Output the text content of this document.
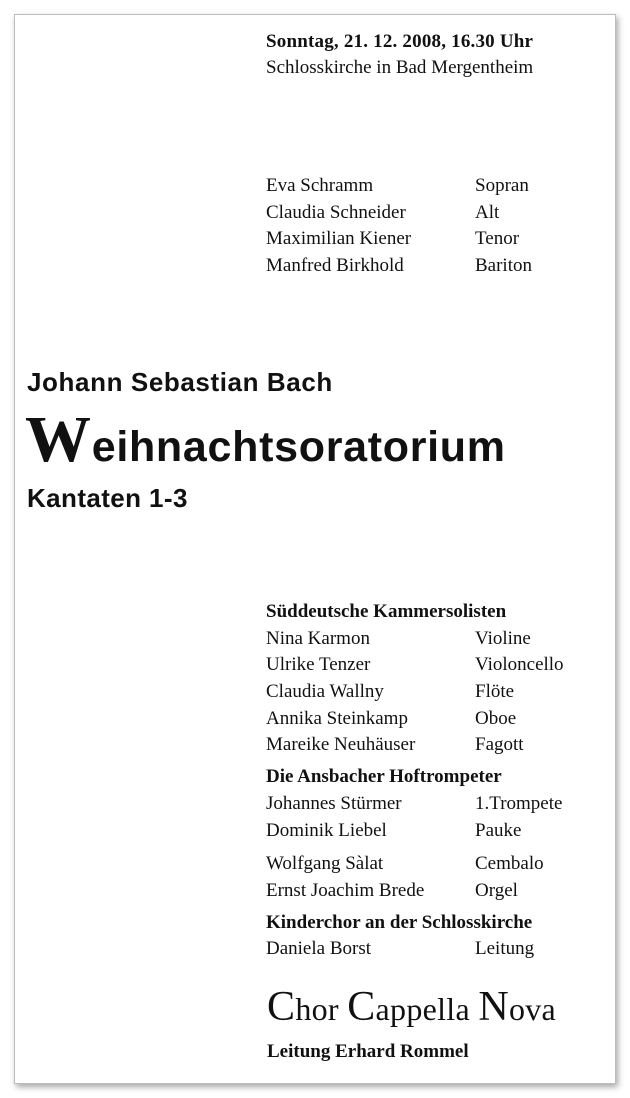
Sonntag, 21. 12. 2008, 16.30 Uhr
Schlosskirche in Bad Mergentheim
Eva Schramm	Sopran
Claudia Schneider	Alt
Maximilian Kiener	Tenor
Manfred Birkhold	Bariton
Johann Sebastian Bach
Weihnachtsoratorium
Kantaten 1-3
Süddeutsche Kammersolisten
Nina Karmon	Violine
Ulrike Tenzer	Violoncello
Claudia Wallny	Flöte
Annika Steinkamp	Oboe
Mareike Neuhäuser	Fagott
Die Ansbacher Hoftrompeter
Johannes Stürmer	1.Trompete
Dominik Liebel	Pauke
Wolfgang Sàlat	Cembalo
Ernst Joachim Brede	Orgel
Kinderchor an der Schlosskirche
Daniela Borst	Leitung
Chor Cappella Nova
Leitung Erhard Rommel
